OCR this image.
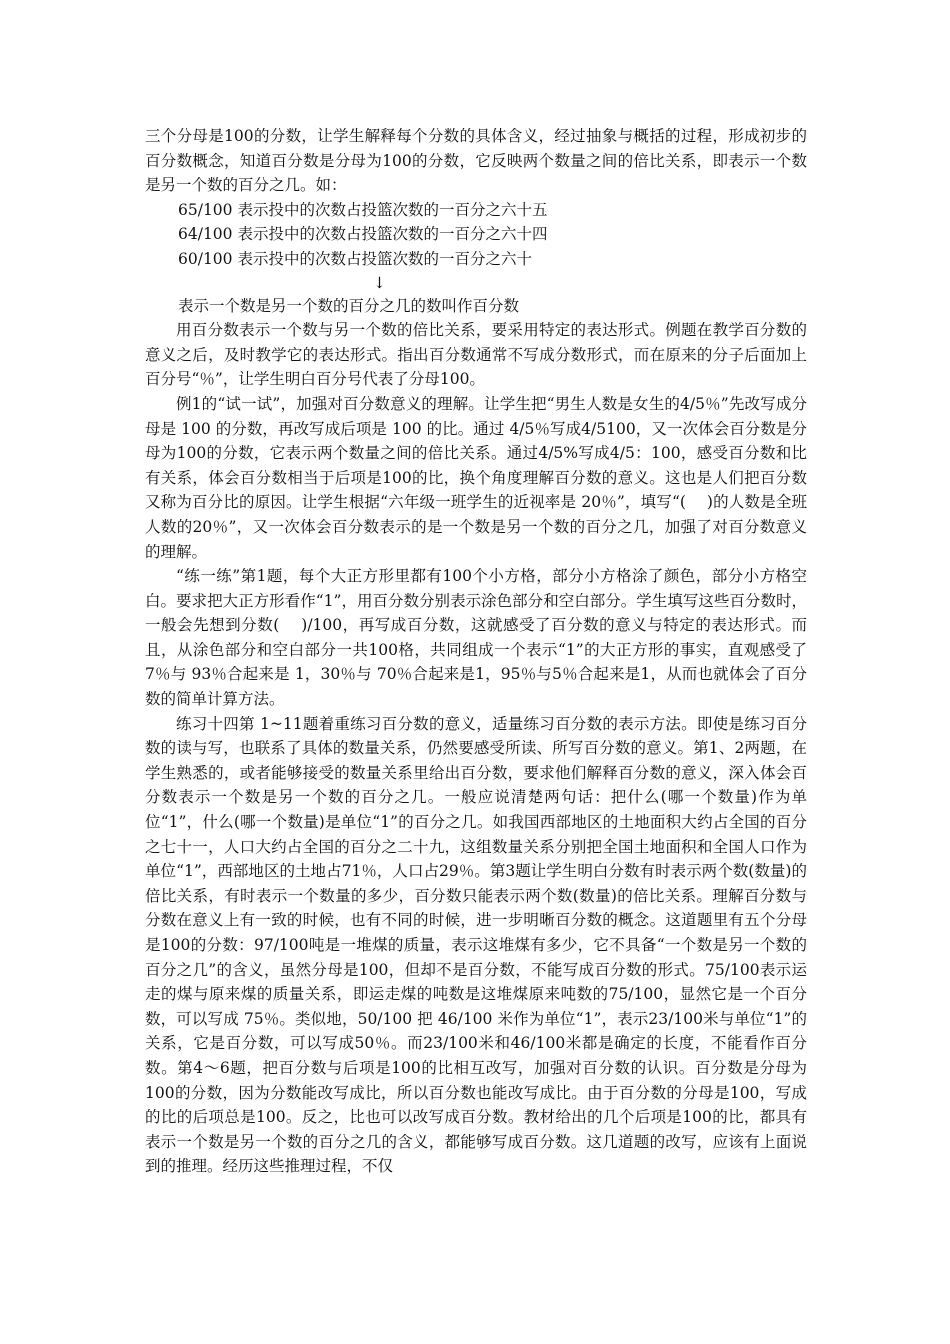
三个分母是100的分数，让学生解释每个分数的具体含义，经过抽象与概括的过程，形成初步的百分数概念，知道百分数是分母为100的分数，它反映两个数量之间的倍比关系，即表示一个数是另一个数的百分之几。如：

65/100 表示投中的次数占投篮次数的一百分之六十五

64/100 表示投中的次数占投篮次数的一百分之六十四

60/100 表示投中的次数占投篮次数的一百分之六十

↓

表示一个数是另一个数的百分之几的数叫作百分数

用百分数表示一个数与另一个数的倍比关系，要采用特定的表达形式。例题在教学百分数的意义之后，及时教学它的表达形式。指出百分数通常不写成分数形式，而在原来的分子后面加上百分号“％”，让学生明白百分号代表了分母100。

例1的“试一试”，加强对百分数意义的理解。让学生把“男生人数是女生的4/5％”先改写成分母是 100 的分数，再改写成后项是 100 的比。通过 4/5％写成4/5100，又一次体会百分数是分母为100的分数，它表示两个数量之间的倍比关系。通过4/5%写成4/5：100，感受百分数和比有关系，体会百分数相当于后项是100的比，换个角度理解百分数的意义。这也是人们把百分数又称为百分比的原因。让学生根据“六年级一班学生的近视率是 20％”，填写“(　 )的人数是全班人数的20％”，又一次体会百分数表示的是一个数是另一个数的百分之几，加强了对百分数意义的理解。

“练一练”第1题，每个大正方形里都有100个小方格，部分小方格涂了颜色，部分小方格空白。要求把大正方形看作“1”，用百分数分别表示涂色部分和空白部分。学生填写这些百分数时，一般会先想到分数(　 )/100，再写成百分数，这就感受了百分数的意义与特定的表达形式。而且，从涂色部分和空白部分一共100格，共同组成一个表示“1”的大正方形的事实，直观感受了 7％与 93％合起来是 1，30％与 70％合起来是1，95％与5％合起来是1，从而也就体会了百分数的简单计算方法。

练习十四第 1~11题着重练习百分数的意义，适量练习百分数的表示方法。即使是练习百分数的读与写，也联系了具体的数量关系，仍然要感受所读、所写百分数的意义。第1、2两题，在学生熟悉的，或者能够接受的数量关系里给出百分数，要求他们解释百分数的意义，深入体会百分数表示一个数是另一个数的百分之几。一般应说清楚两句话：把什么(哪一个数量)作为单位“1”，什么(哪一个数量)是单位“1”的百分之几。如我国西部地区的土地面积大约占全国的百分之七十一，人口大约占全国的百分之二十九，这组数量关系分别把全国土地面积和全国人口作为单位“1”，西部地区的土地占71％，人口占29％。第3题让学生明白分数有时表示两个数(数量)的倍比关系，有时表示一个数量的多少，百分数只能表示两个数(数量)的倍比关系。理解百分数与分数在意义上有一致的时候，也有不同的时候，进一步明晰百分数的概念。这道题里有五个分母是100的分数：97/100吨是一堆煤的质量，表示这堆煤有多少，它不具备“一个数是另一个数的百分之几”的含义，虽然分母是100，但却不是百分数，不能写成百分数的形式。75/100表示运走的煤与原来煤的质量关系，即运走煤的吨数是这堆煤原来吨数的75/100，显然它是一个百分数，可以写成 75％。类似地，50/100 把 46/100 米作为单位“1”，表示23/100米与单位“1”的关系，它是百分数，可以写成50％。而23/100米和46/100米都是确定的长度，不能看作百分数。第4～6题，把百分数与后项是100的比相互改写，加强对百分数的认识。百分数是分母为100的分数，因为分数能改写成比，所以百分数也能改写成比。由于百分数的分母是100，写成的比的后项总是100。反之，比也可以改写成百分数。教材给出的几个后项是100的比，都具有表示一个数是另一个数的百分之几的含义，都能够写成百分数。这几道题的改写，应该有上面说到的推理。经历这些推理过程，不仅
